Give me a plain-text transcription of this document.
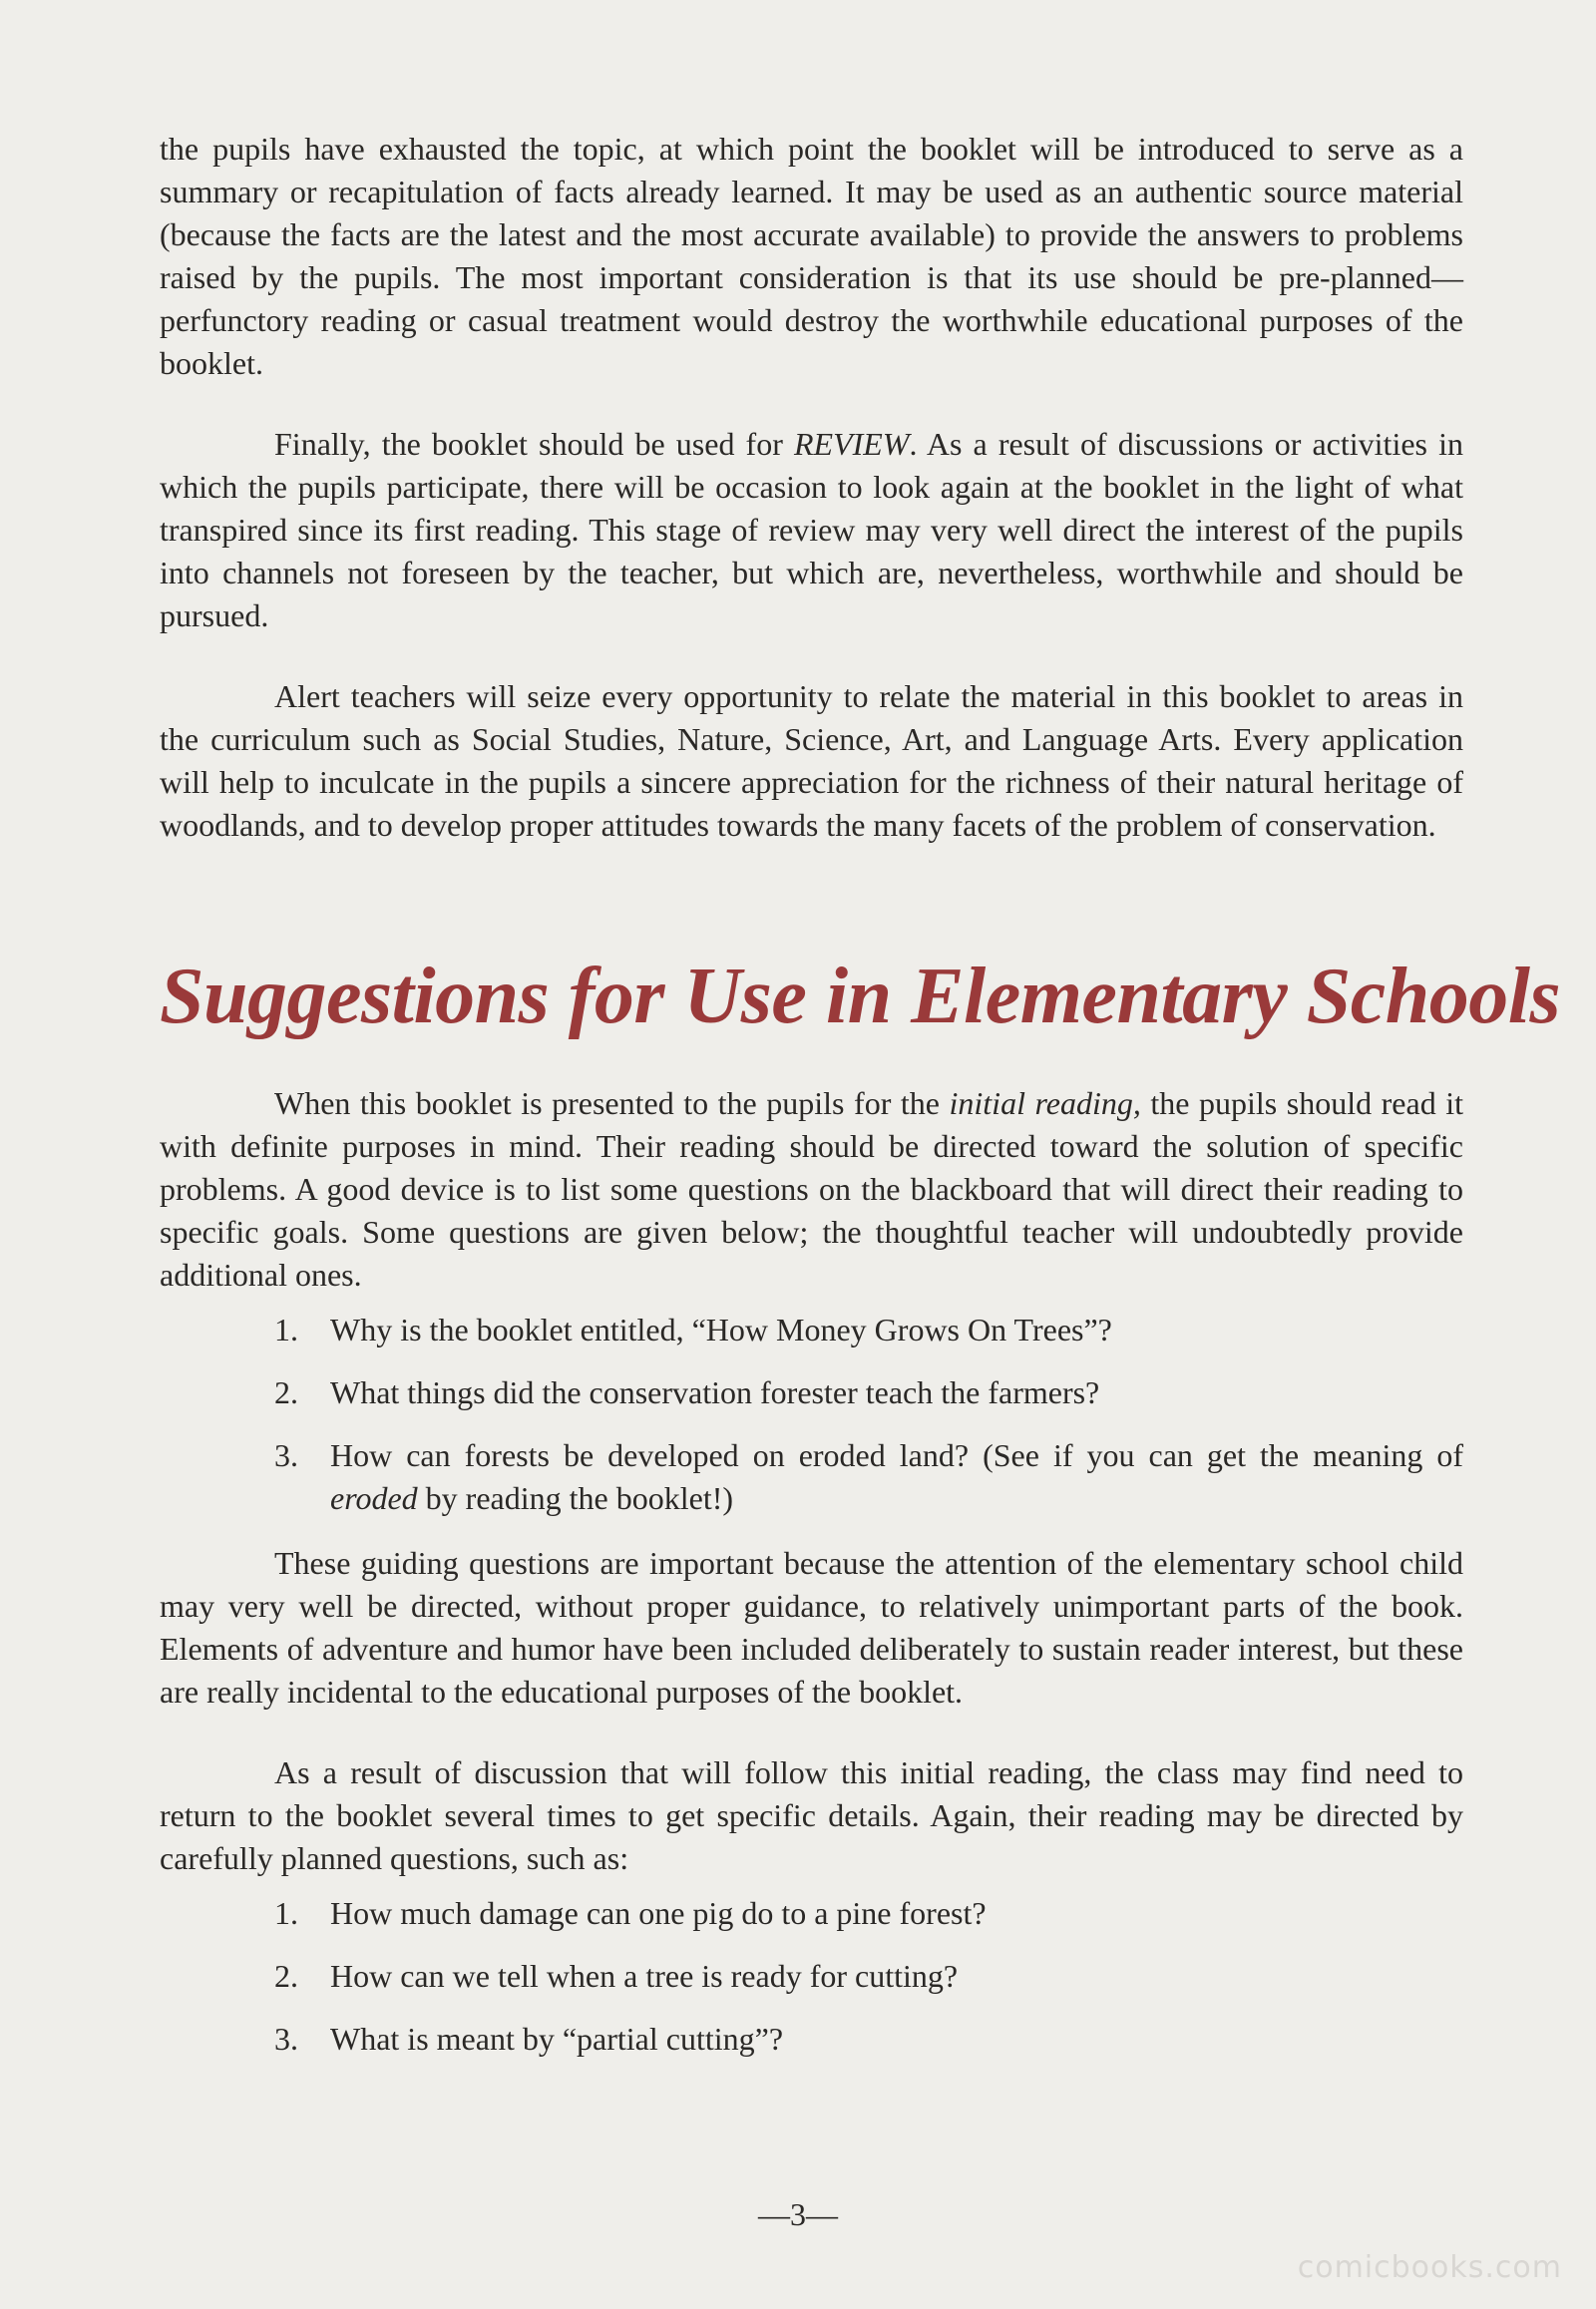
the pupils have exhausted the topic, at which point the booklet will be introduced to serve as a summary or recapitulation of facts already learned. It may be used as an authentic source material (because the facts are the latest and the most accurate available) to provide the answers to problems raised by the pupils. The most important consideration is that its use should be pre-planned—perfunctory reading or casual treatment would destroy the worthwhile educational purposes of the booklet.

Finally, the booklet should be used for REVIEW. As a result of discussions or activities in which the pupils participate, there will be occasion to look again at the booklet in the light of what transpired since its first reading. This stage of review may very well direct the interest of the pupils into channels not foreseen by the teacher, but which are, nevertheless, worthwhile and should be pursued.

Alert teachers will seize every opportunity to relate the material in this booklet to areas in the curriculum such as Social Studies, Nature, Science, Art, and Language Arts. Every application will help to inculcate in the pupils a sincere appreciation for the richness of their natural heritage of woodlands, and to develop proper attitudes towards the many facets of the problem of conservation.

Suggestions for Use in Elementary Schools

When this booklet is presented to the pupils for the initial reading, the pupils should read it with definite purposes in mind. Their reading should be directed toward the solution of specific problems. A good device is to list some questions on the blackboard that will direct their reading to specific goals. Some questions are given below; the thoughtful teacher will undoubtedly provide additional ones.

1.	Why is the booklet entitled, “How Money Grows On Trees”?
2.	What things did the conservation forester teach the farmers?
3.	How can forests be developed on eroded land? (See if you can get the meaning of eroded by reading the booklet!)

These guiding questions are important because the attention of the elementary school child may very well be directed, without proper guidance, to relatively unimportant parts of the book. Elements of adventure and humor have been included deliberately to sustain reader interest, but these are really incidental to the educational purposes of the booklet.

As a result of discussion that will follow this initial reading, the class may find need to return to the booklet several times to get specific details. Again, their reading may be directed by carefully planned questions, such as:

1.	How much damage can one pig do to a pine forest?
2.	How can we tell when a tree is ready for cutting?
3.	What is meant by “partial cutting”?
—3—
comicbooks.com
